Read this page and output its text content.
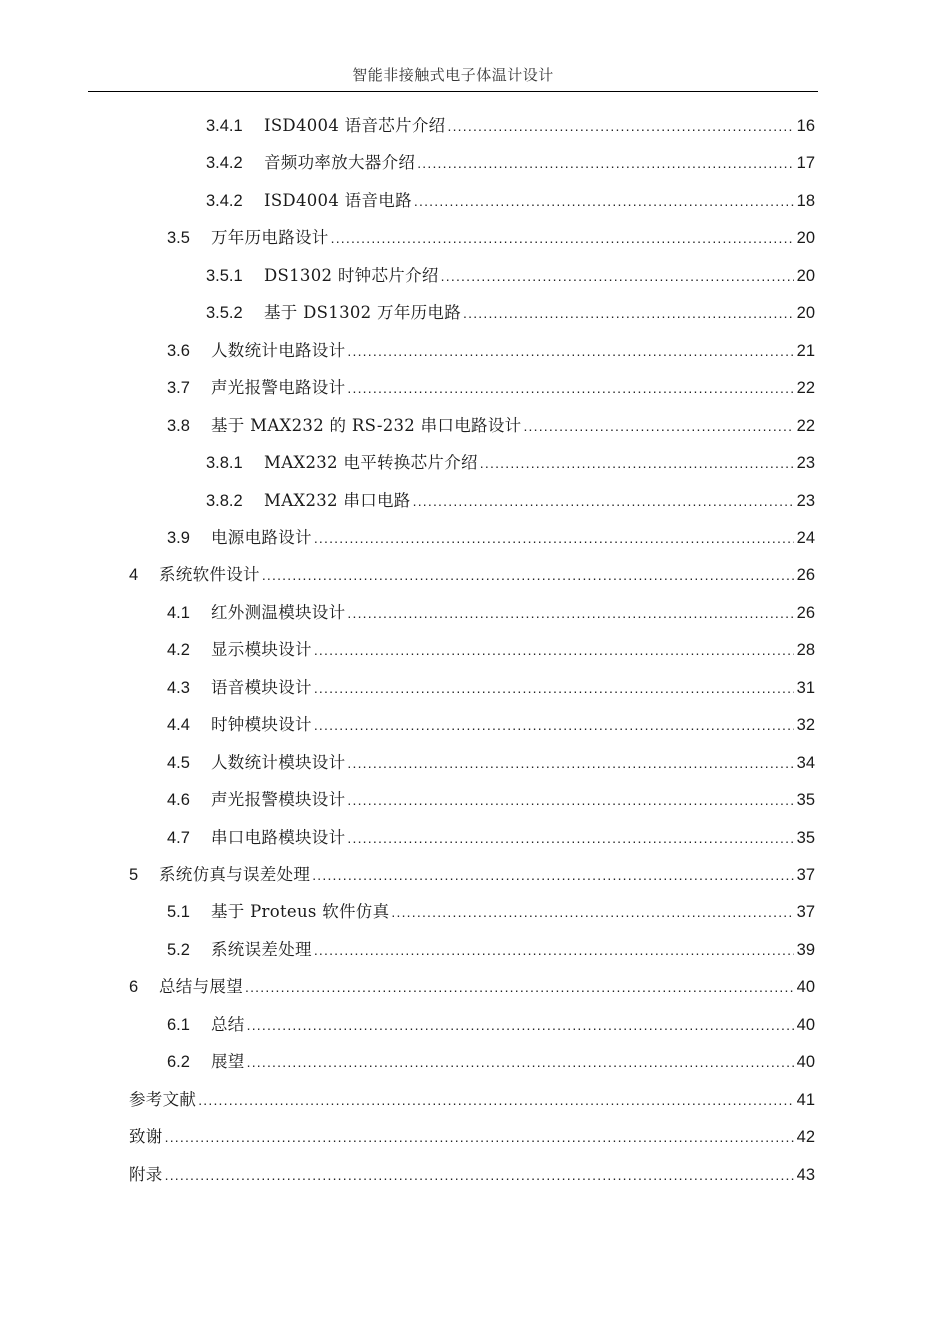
智能非接触式电子体温计设计
3.4.1	ISD4004 语音芯片介绍 .....	16
3.4.2	音频功率放大器介绍 .....	17
3.4.2	ISD4004 语音电路 .....	18
3.5	万年历电路设计 .....	20
3.5.1	DS1302 时钟芯片介绍 .....	20
3.5.2	基于 DS1302 万年历电路 .....	20
3.6	人数统计电路设计 .....	21
3.7	声光报警电路设计 .....	22
3.8	基于 MAX232 的 RS-232 串口电路设计 .....	22
3.8.1	MAX232 电平转换芯片介绍 .....	23
3.8.2	MAX232 串口电路 .....	23
3.9	电源电路设计 .....	24
4	系统软件设计 .....	26
4.1	红外测温模块设计 .....	26
4.2	显示模块设计 .....	28
4.3	语音模块设计 .....	31
4.4	时钟模块设计 .....	32
4.5	人数统计模块设计 .....	34
4.6	声光报警模块设计 .....	35
4.7	串口电路模块设计 .....	35
5	系统仿真与误差处理 .....	37
5.1	基于 Proteus 软件仿真 .....	37
5.2	系统误差处理 .....	39
6	总结与展望 .....	40
6.1	总结 .....	40
6.2	展望 .....	40
参考文献 .....	41
致谢 .....	42
附录 .....	43
